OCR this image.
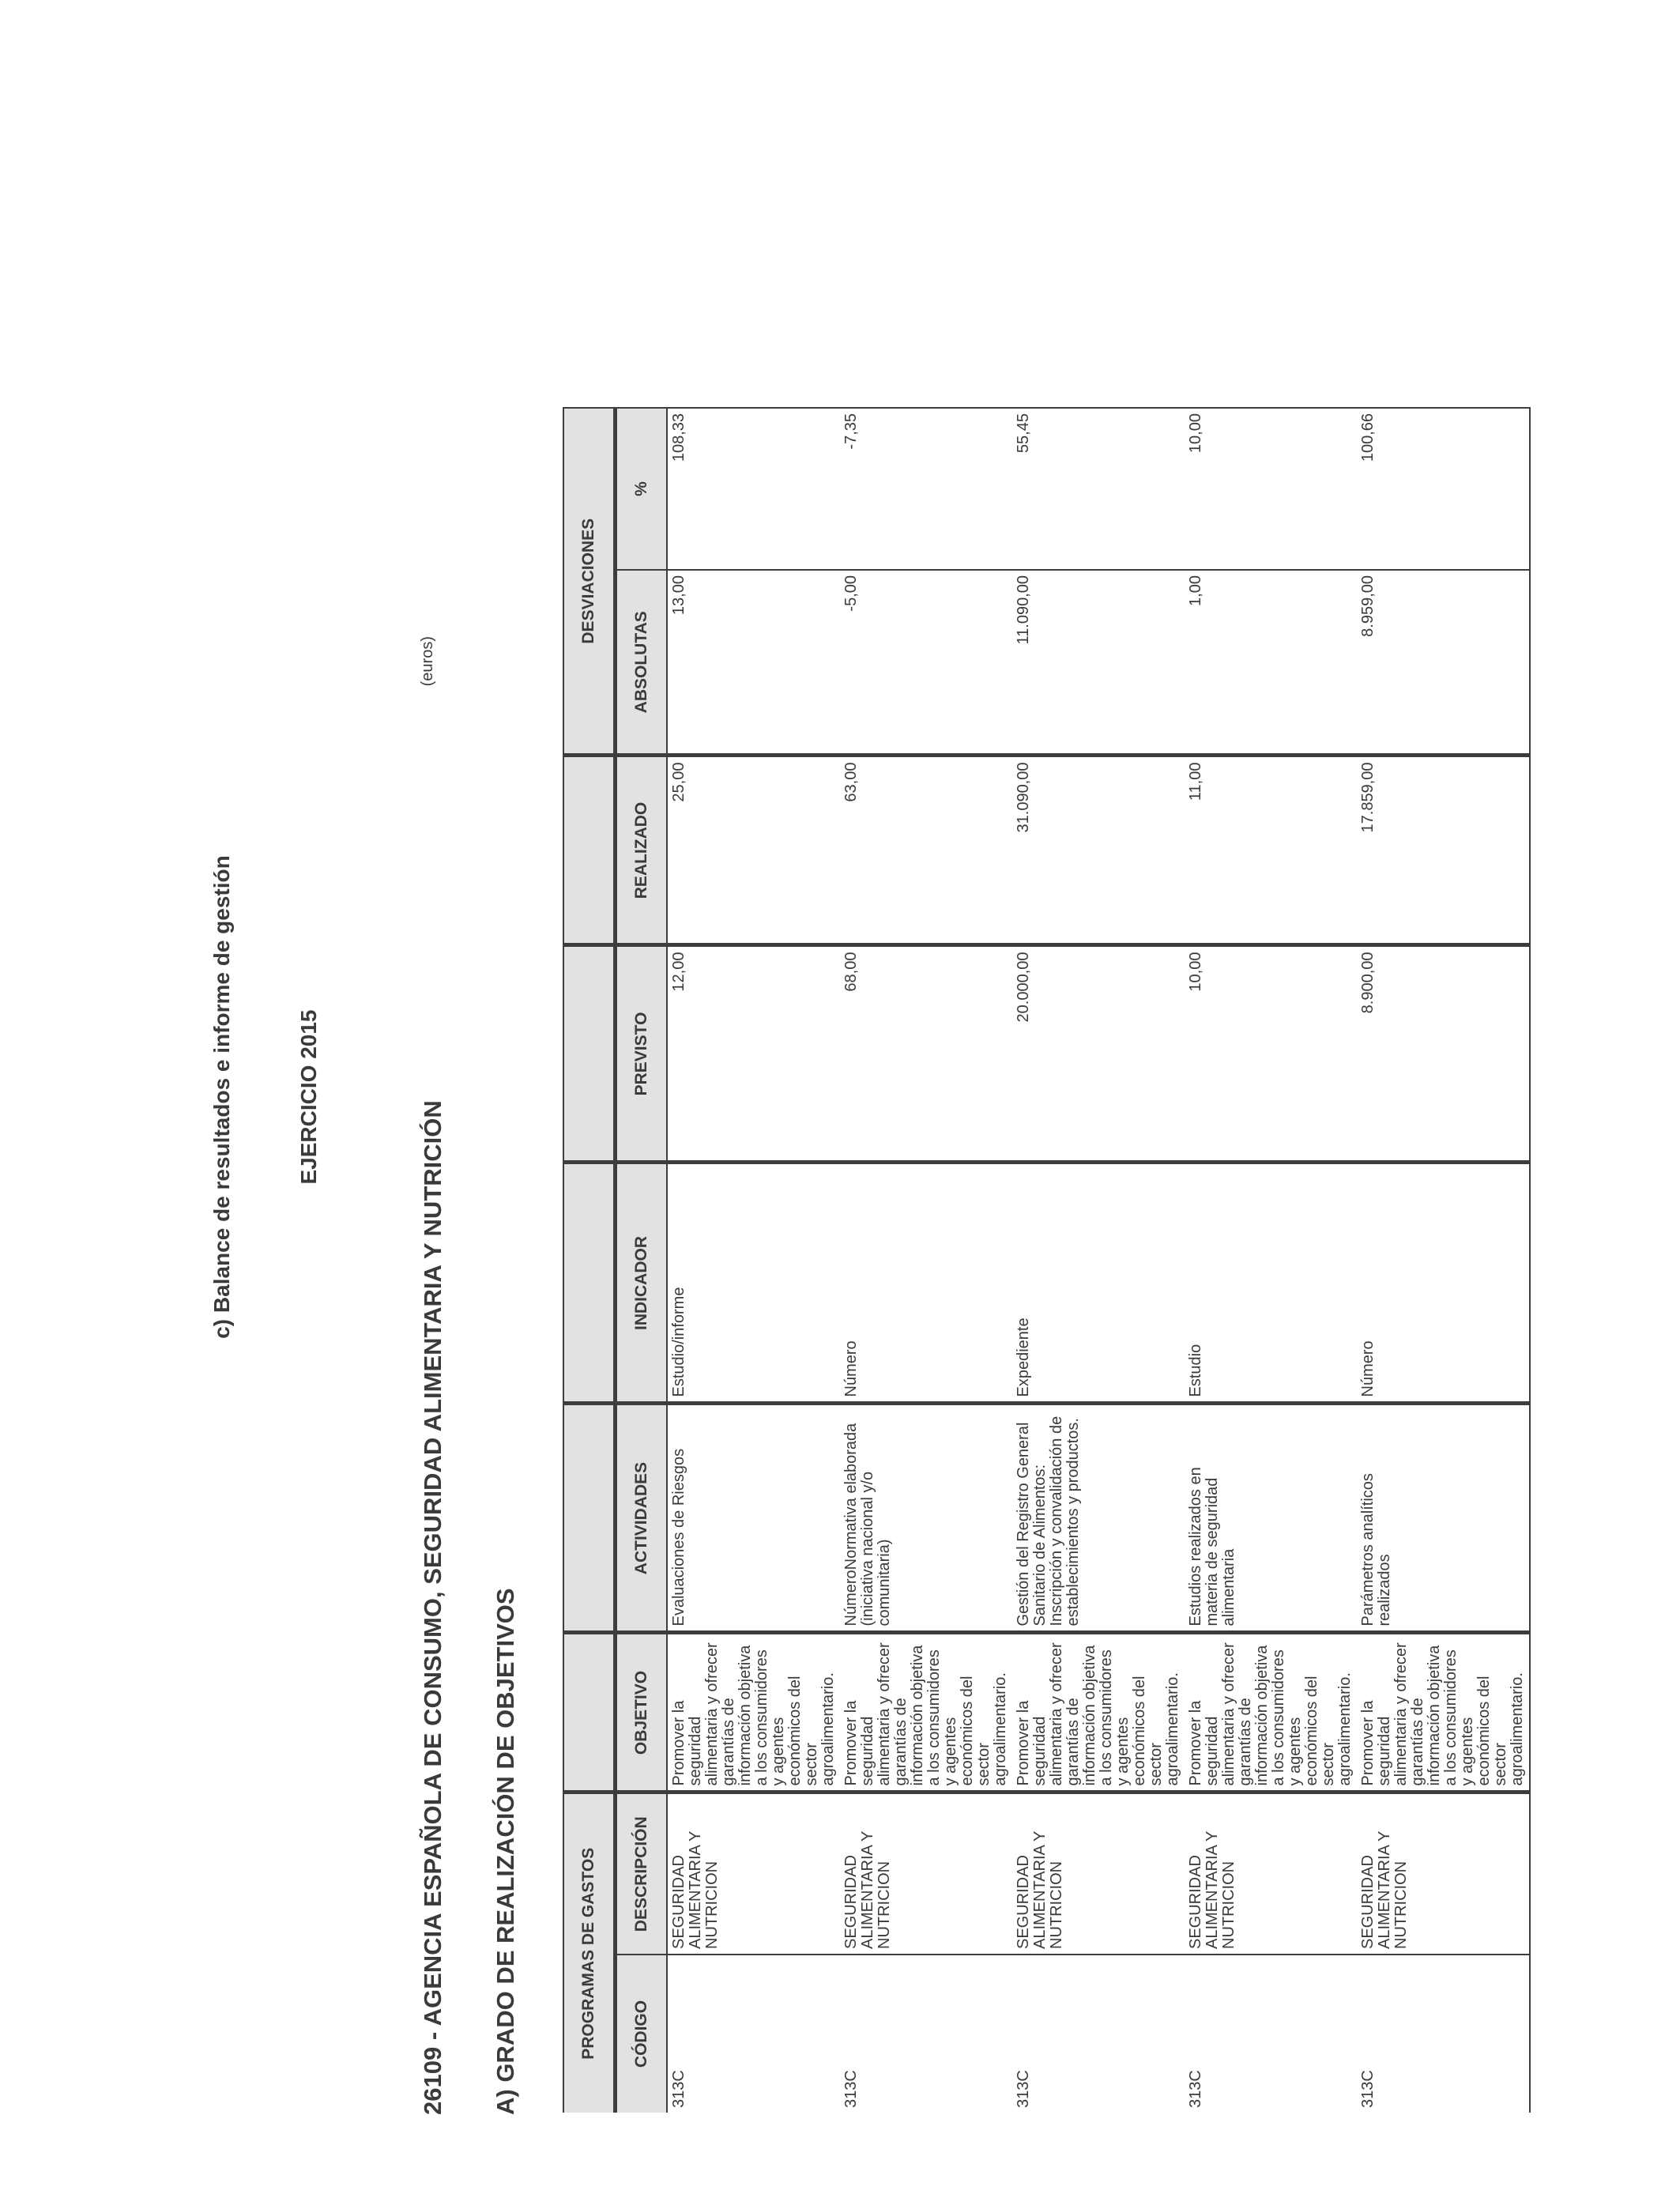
c) Balance de resultados e informe de gestión	EJERCICIO 2015

26109 - AGENCIA ESPAÑOLA DE CONSUMO, SEGURIDAD ALIMENTARIA Y NUTRICIÓN A) GRADO DE REALIZACIÓN DE OBJETIVOS

(euros)

PROGRAMAS DE GASTOS							DESVIACIONES	
CÓDIGO	DESCRIPCIÓN	OBJETIVO	ACTIVIDADES	INDICADOR	PREVISTO	REALIZADO	ABSOLUTAS	%
313C	SEGURIDAD ALIMENTARIA Y NUTRICION	Promover la seguridad alimentaria y ofrecer garantías de información objetiva a los consumidores y agentes económicos del sector agroalimentario.	Evaluaciones de Riesgos	Estudio/informe	12,00	25,00	13,00	108,33
313C	SEGURIDAD ALIMENTARIA Y NUTRICION	Promover la seguridad alimentaria y ofrecer garantías de información objetiva a los consumidores y agentes económicos del sector agroalimentario.	NúmeroNormativa elaborada (iniciativa nacional y/o comunitaria)	Número	68,00	63,00	-5,00	-7,35
313C	SEGURIDAD ALIMENTARIA Y NUTRICION	Promover la seguridad alimentaria y ofrecer garantías de información objetiva a los consumidores y agentes económicos del sector agroalimentario.	Gestión del Registro General Sanitario de Alimentos: Inscripción y convalidación de establecimientos y productos.	Expediente	20.000,00	31.090,00	11.090,00	55,45
313C	SEGURIDAD ALIMENTARIA Y NUTRICION	Promover la seguridad alimentaria y ofrecer garantías de información objetiva a los consumidores y agentes económicos del sector agroalimentario.	Estudios realizados en materia de seguridad alimentaria	Estudio	10,00	11,00	1,00	10,00
313C	SEGURIDAD ALIMENTARIA Y NUTRICION	Promover la seguridad alimentaria y ofrecer garantías de información objetiva a los consumidores y agentes económicos del sector agroalimentario.	Parámetros analíticos realizados	Número	8.900,00	17.859,00	8.959,00	100,66
